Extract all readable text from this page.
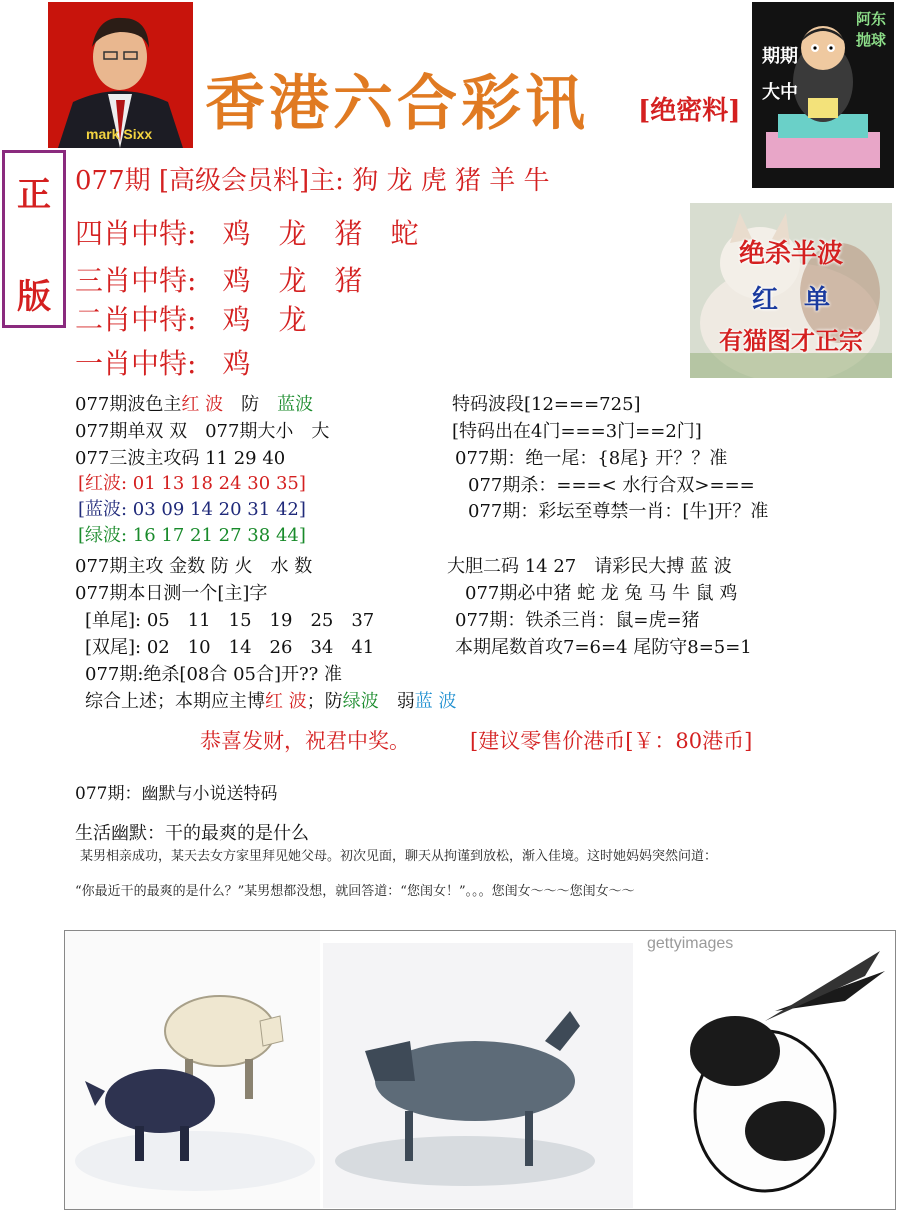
mark Sixx 香港六合彩讯 [绝密料]
阿东 抛球
期期
大中
正
版
077期 [高级会员料]主: 狗 龙 虎 猪 羊 牛
四肖中特: 鸡　龙　猪　蛇
三肖中特: 鸡　龙　猪
二肖中特: 鸡　龙
一肖中特: 鸡
绝杀半波
红　单
有猫图才正宗
077期波色主红 波　 防　 蓝波
077期单双 双　077期大小　大
077三波主攻码 11 29 40
[红波: 01 13 18 24 30 35]
[蓝波: 03 09 14 20 31 42]
[绿波: 16 17 21 27 38 44]
077期主攻 金数 防 火　水 数
077期本日测一个[主]字
[单尾]: 05　11　15　19　25　37
[双尾]: 02　10　14　26　34　41
077期:绝杀[08合 05合]开?? 准
综合上述；本期应主博红 波；防绿波　 弱蓝 波
特码波段[12===725]
[特码出在4门===3门==2门]
077期：绝一尾：{8尾} 开？？准
077期杀：===< 水行合双>===
077期：彩坛至尊禁一肖：[牛]开？准
大胆二码 14 27　请彩民大搏 蓝 波
077期必中猪 蛇 龙 兔 马 牛 鼠 鸡
077期：铁杀三肖：鼠=虎=猪
本期尾数首攻7=6=4 尾防守8=5=1
恭喜发财，祝君中奖。	[建议零售价港币[￥：80港币]
077期：幽默与小说送特码
生活幽默：干的最爽的是什么
某男相亲成功，某天去女方家里拜见她父母。初次见面，聊天从拘谨到放松，渐入佳境。这时她妈妈突然问道：
“你最近干的最爽的是什么？”某男想都没想，就回答道：“您闺女！”。。。您闺女～～～您闺女～～
gettyimages
